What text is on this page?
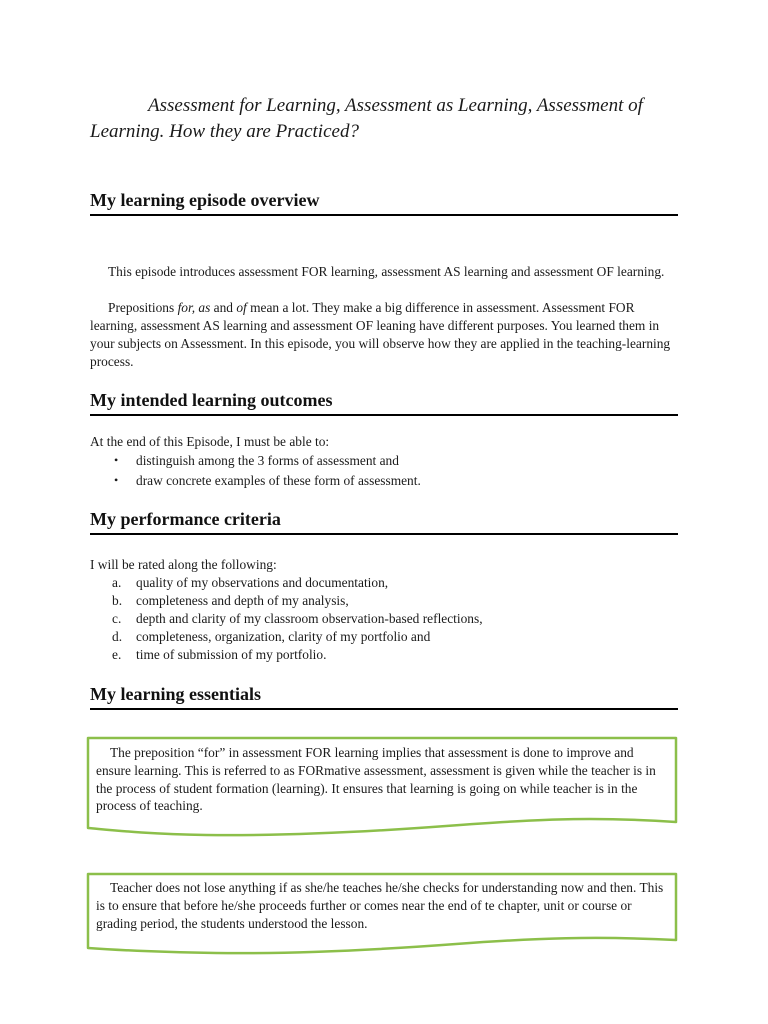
Assessment for Learning, Assessment as Learning, Assessment of Learning. How they are Practiced?

My learning episode overview

This episode introduces assessment FOR learning, assessment AS learning and assessment OF learning.

Prepositions for, as and of mean a lot. They make a big difference in assessment. Assessment FOR learning, assessment AS learning and assessment OF leaning have different purposes. You learned them in your subjects on Assessment. In this episode, you will observe how they are applied in the teaching-learning process.

My intended learning outcomes

At the end of this Episode, I must be able to:

• distinguish among the 3 forms of assessment and
• draw concrete examples of these form of assessment.
My performance criteria

I will be rated along the following:

a. quality of my observations and documentation,
b. completeness and depth of my analysis,
c. depth and clarity of my classroom observation-based reflections,
d. completeness, organization, clarity of my portfolio and
e. time of submission of my portfolio.
My learning essentials

The preposition “for” in assessment FOR learning implies that assessment is done to improve and ensure learning. This is referred to as FORmative assessment, assessment is given while the teacher is in the process of student formation (learning). It ensures that learning is going on while teacher is in the process of teaching.

Teacher does not lose anything if as she/he teaches he/she checks for understanding now and then. This is to ensure that before he/she proceeds further or comes near the end of te chapter, unit or course or grading period, the students understood the lesson.
